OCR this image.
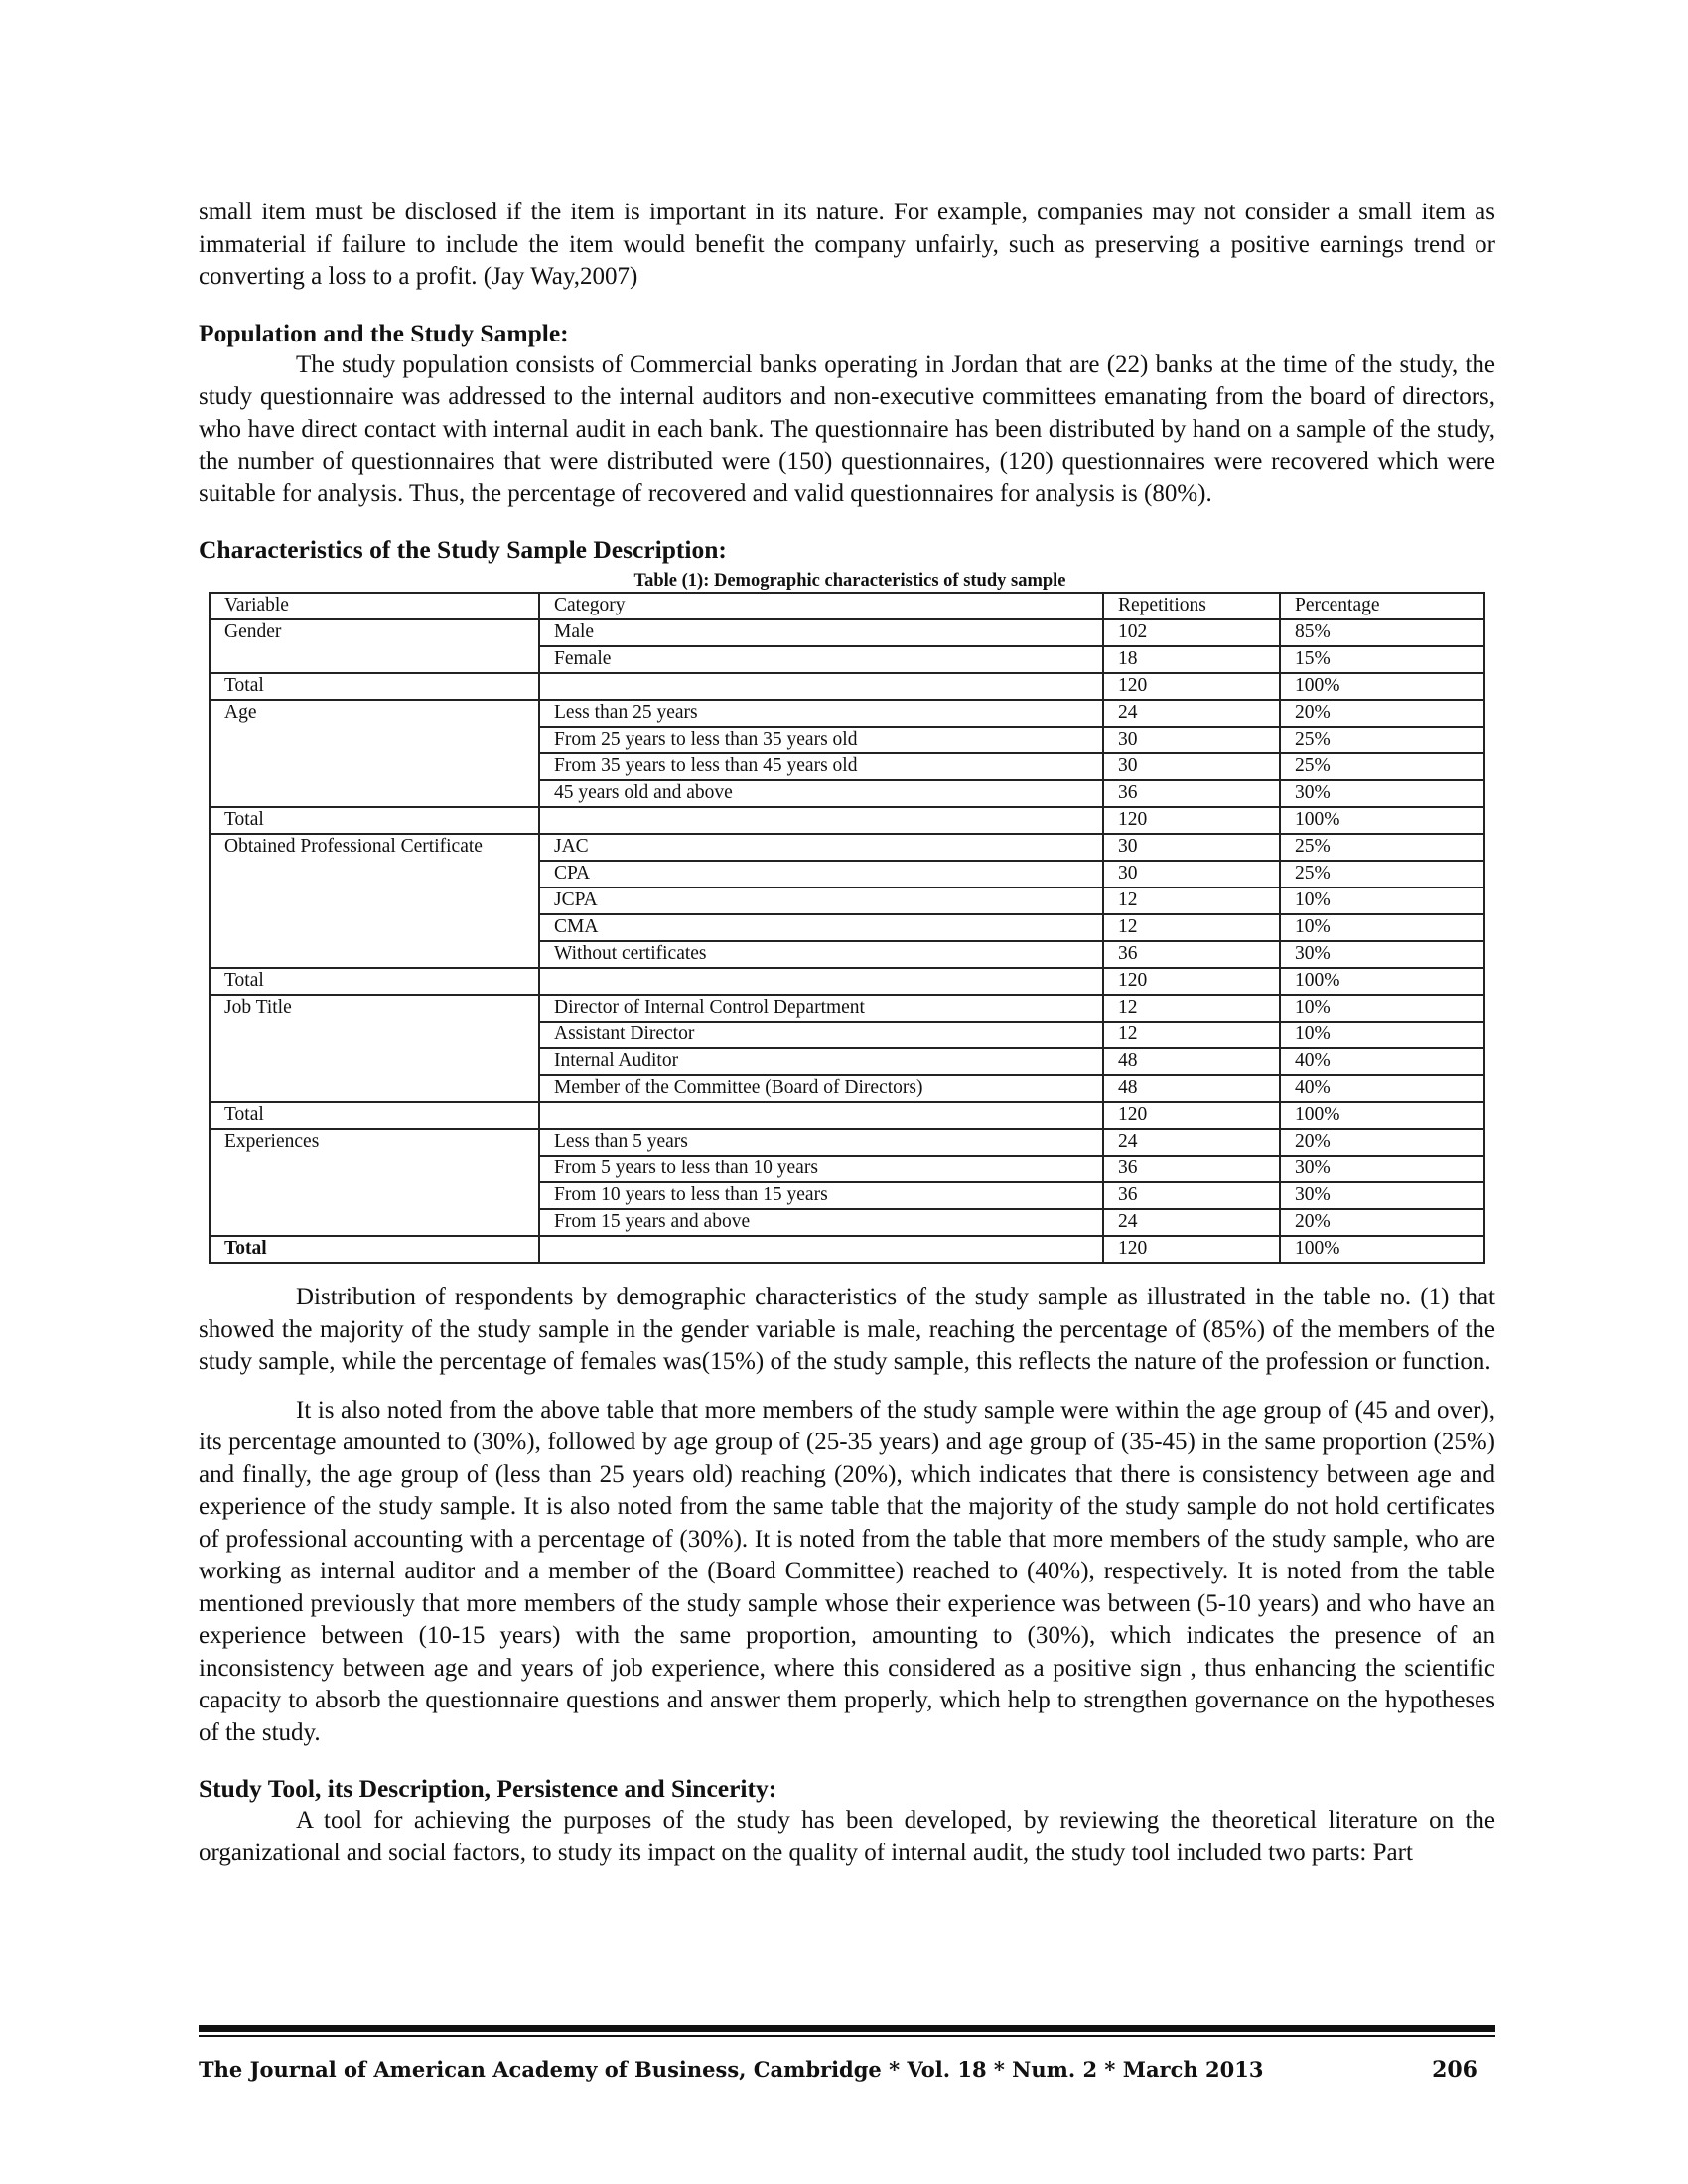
small item must be disclosed if the item is important in its nature. For example, companies may not consider a small item as immaterial if failure to include the item would benefit the company unfairly, such as preserving a positive earnings trend or converting a loss to a profit. (Jay Way,2007)

Population and the Study Sample:

The study population consists of Commercial banks operating in Jordan that are (22) banks at the time of the study, the study questionnaire was addressed to the internal auditors and non-executive committees emanating from the board of directors, who have direct contact with internal audit in each bank. The questionnaire has been distributed by hand on a sample of the study, the number of questionnaires that were distributed were (150) questionnaires, (120) questionnaires were recovered which were suitable for analysis. Thus, the percentage of recovered and valid questionnaires for analysis is (80%).

Characteristics of the Study Sample Description:
Table (1): Demographic characteristics of study sample
Variable	Category	Repetitions	Percentage
Gender	Male	102	85%
	Female	18	15%
Total		120	100%
Age	Less than 25 years	24	20%
	From 25 years to less than 35 years old	30	25%
	From 35 years to less than 45 years old	30	25%
	45 years old and above	36	30%
Total		120	100%
Obtained Professional Certificate	JAC	30	25%
	CPA	30	25%
	JCPA	12	10%
	CMA	12	10%
	Without certificates	36	30%
Total		120	100%
Job Title	Director of Internal Control Department	12	10%
	Assistant Director	12	10%
	Internal Auditor	48	40%
	Member of the Committee (Board of Directors)	48	40%
Total		120	100%
Experiences	Less than 5 years	24	20%
	From 5 years to less than 10 years	36	30%
	From 10 years to less than 15 years	36	30%
	From 15 years and above	24	20%
Total		120	100%

Distribution of respondents by demographic characteristics of the study sample as illustrated in the table no. (1) that showed the majority of the study sample in the gender variable is male, reaching the percentage of (85%) of the members of the study sample, while the percentage of females was(15%) of the study sample, this reflects the nature of the profession or function.

It is also noted from the above table that more members of the study sample were within the age group of (45 and over), its percentage amounted to (30%), followed by age group of (25-35 years) and age group of (35-45) in the same proportion (25%) and finally, the age group of (less than 25 years old) reaching (20%), which indicates that there is consistency between age and experience of the study sample. It is also noted from the same table that the majority of the study sample do not hold certificates of professional accounting with a percentage of (30%). It is noted from the table that more members of the study sample, who are working as internal auditor and a member of the (Board Committee) reached to (40%), respectively. It is noted from the table mentioned previously that more members of the study sample whose their experience was between (5-10 years) and who have an experience between (10-15 years) with the same proportion, amounting to (30%), which indicates the presence of an inconsistency between age and years of job experience, where this considered as a positive sign , thus enhancing the scientific capacity to absorb the questionnaire questions and answer them properly, which help to strengthen governance on the hypotheses of the study.

Study Tool, its Description, Persistence and Sincerity:

A tool for achieving the purposes of the study has been developed, by reviewing the theoretical literature on the organizational and social factors, to study its impact on the quality of internal audit, the study tool included two parts: Part

The Journal of American Academy of Business, Cambridge * Vol. 18 * Num. 2 * March 2013	206
